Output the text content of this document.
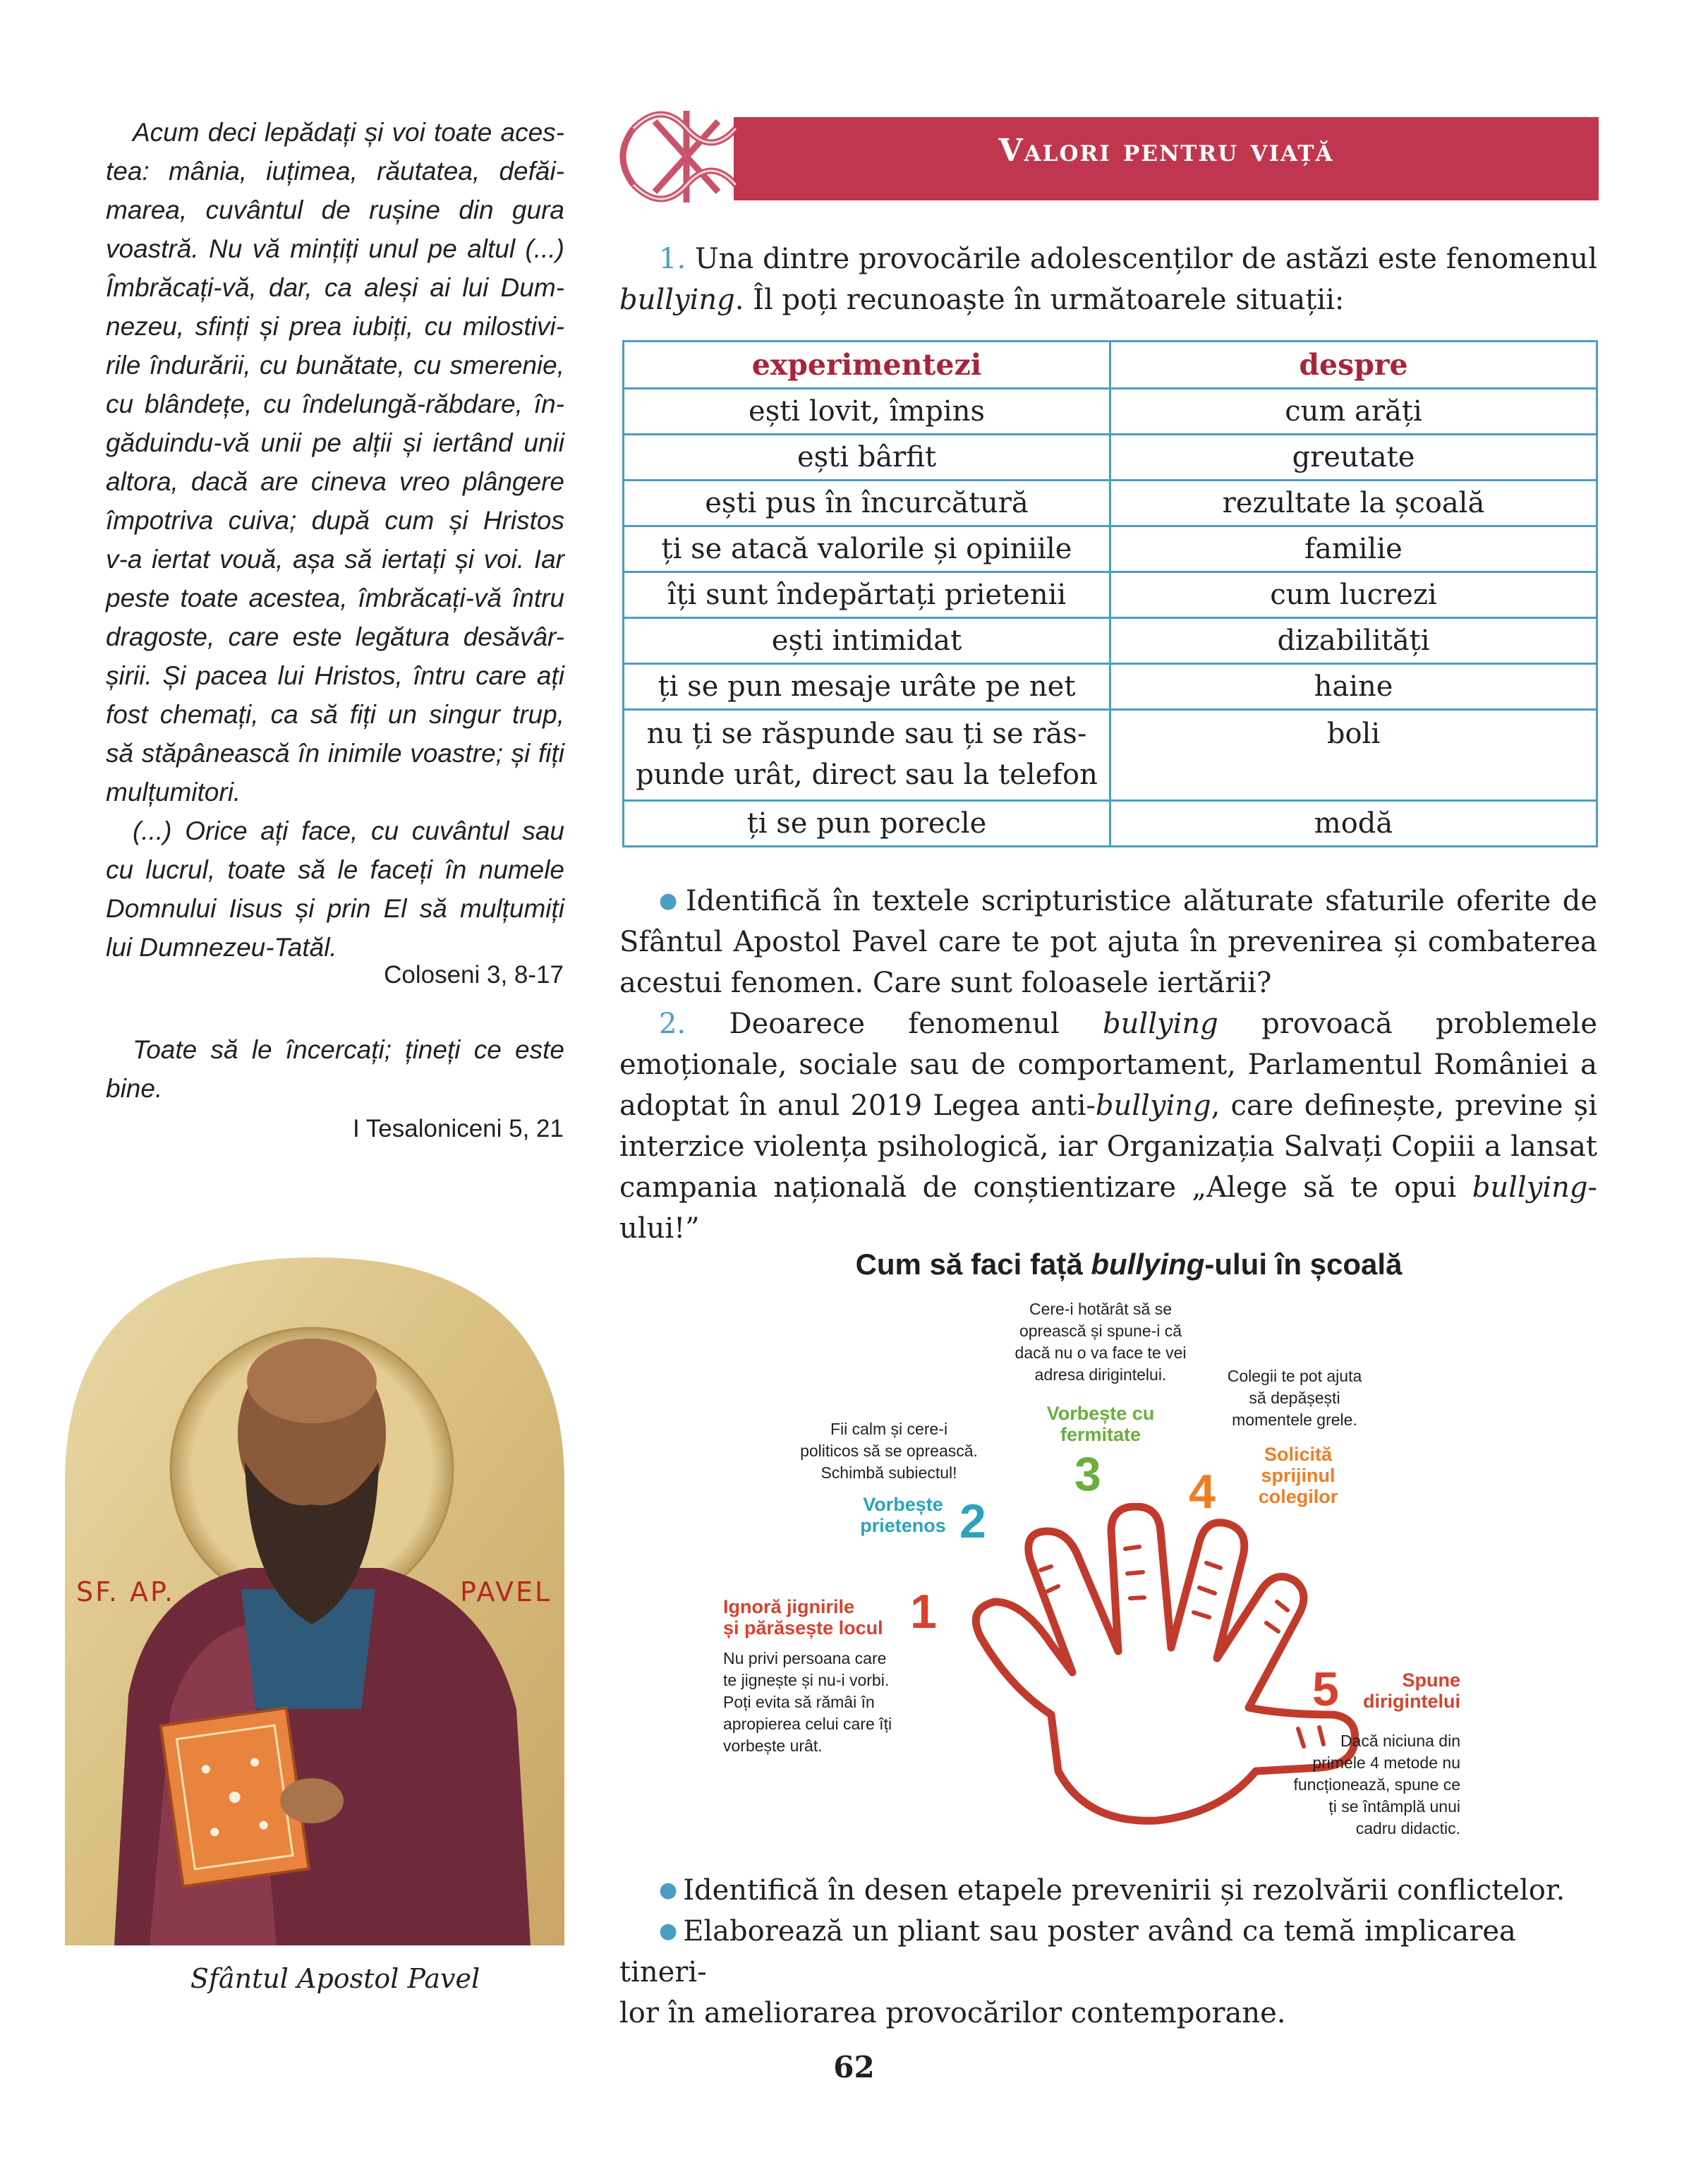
Acum deci lepădați și voi toate aces-
tea: mânia, iuțimea, răutatea, defăi-
marea, cuvântul de rușine din gura
voastră. Nu vă mințiți unul pe altul (...)
Îmbrăcați-vă, dar, ca aleși ai lui Dum-
nezeu, sfinți și prea iubiți, cu milostivi-
rile îndurării, cu bunătate, cu smerenie,
cu blândețe, cu îndelungă-răbdare, în-
găduindu-vă unii pe alții și iertând unii
altora, dacă are cineva vreo plângere
împotriva cuiva; după cum și Hristos
v-a iertat vouă, așa să iertați și voi. Iar
peste toate acestea, îmbrăcați-vă întru
dragoste, care este legătura desăvâr-
șirii. Și pacea lui Hristos, întru care ați
fost chemați, ca să fiți un singur trup,
să stăpânească în inimile voastre; și fiți
mulțumitori.
(...) Orice ați face, cu cuvântul sau
cu lucrul, toate să le faceți în numele
Domnului Iisus și prin El să mulțumiți
lui Dumnezeu-Tatăl.
Coloseni 3, 8-17
Toate să le încercați; țineți ce este
bine.
I Tesaloniceni 5, 21
SF. AP.	PAVEL
Sfântul Apostol Pavel
Valori pentru viață

1. Una dintre provocările adolescenților de astăzi este fenomenul bullying. Îl poți recunoaște în următoarele situații:

experimentezi	despre
ești lovit, împins	cum arăți
ești bârfit	greutate
ești pus în încurcătură	rezultate la școală
ți se atacă valorile și opiniile	familie
îți sunt îndepărtați prietenii	cum lucrezi
ești intimidat	dizabilități
ți se pun mesaje urâte pe net	haine
nu ți se răspunde sau ți se răs-
punde urât, direct sau la telefon	boli
ți se pun porecle	modă

● Identifică în textele scripturistice alăturate sfaturile oferite de Sfântul Apostol Pavel care te pot ajuta în prevenirea și combaterea acestui fenomen. Care sunt foloasele iertării?

2. Deoarece fenomenul bullying provoacă problemele emoționale, sociale sau de comportament, Parlamentul României a adoptat în anul 2019 Legea anti-bullying, care definește, previne și interzice violența psihologică, iar Organizația Salvați Copiii a lansat campania națională de conștientizare „Alege să te opui bullying-ului!”

Cum să faci față bullying-ului în școală
Cere-i hotărât să se
oprească și spune-i că
dacă nu o va face te vei
adresa dirigintelui.
Vorbește cu
fermitate
3
Fii calm și cere-i
politicos să se oprească.
Schimbă subiectul!
Vorbește
prietenos 2
Colegii te pot ajuta
să depășești
momentele grele.
Solicită
sprijinul
colegilor
4
Ignoră jignirile
și părăsește locul 1
Nu privi persoana care
te jignește și nu-i vorbi.
Poți evita să rămâi în
apropierea celui care îți
vorbește urât.
5	Spune
dirigintelui
Dacă niciuna din
primele 4 metode nu
funcționează, spune ce
ți se întâmplă unui
cadru didactic.

● Identifică în desen etapele prevenirii și rezolvării conflictelor.

● Elaborează un pliant sau poster având ca temă implicarea tineri-

lor în ameliorarea provocărilor contemporane.

62
